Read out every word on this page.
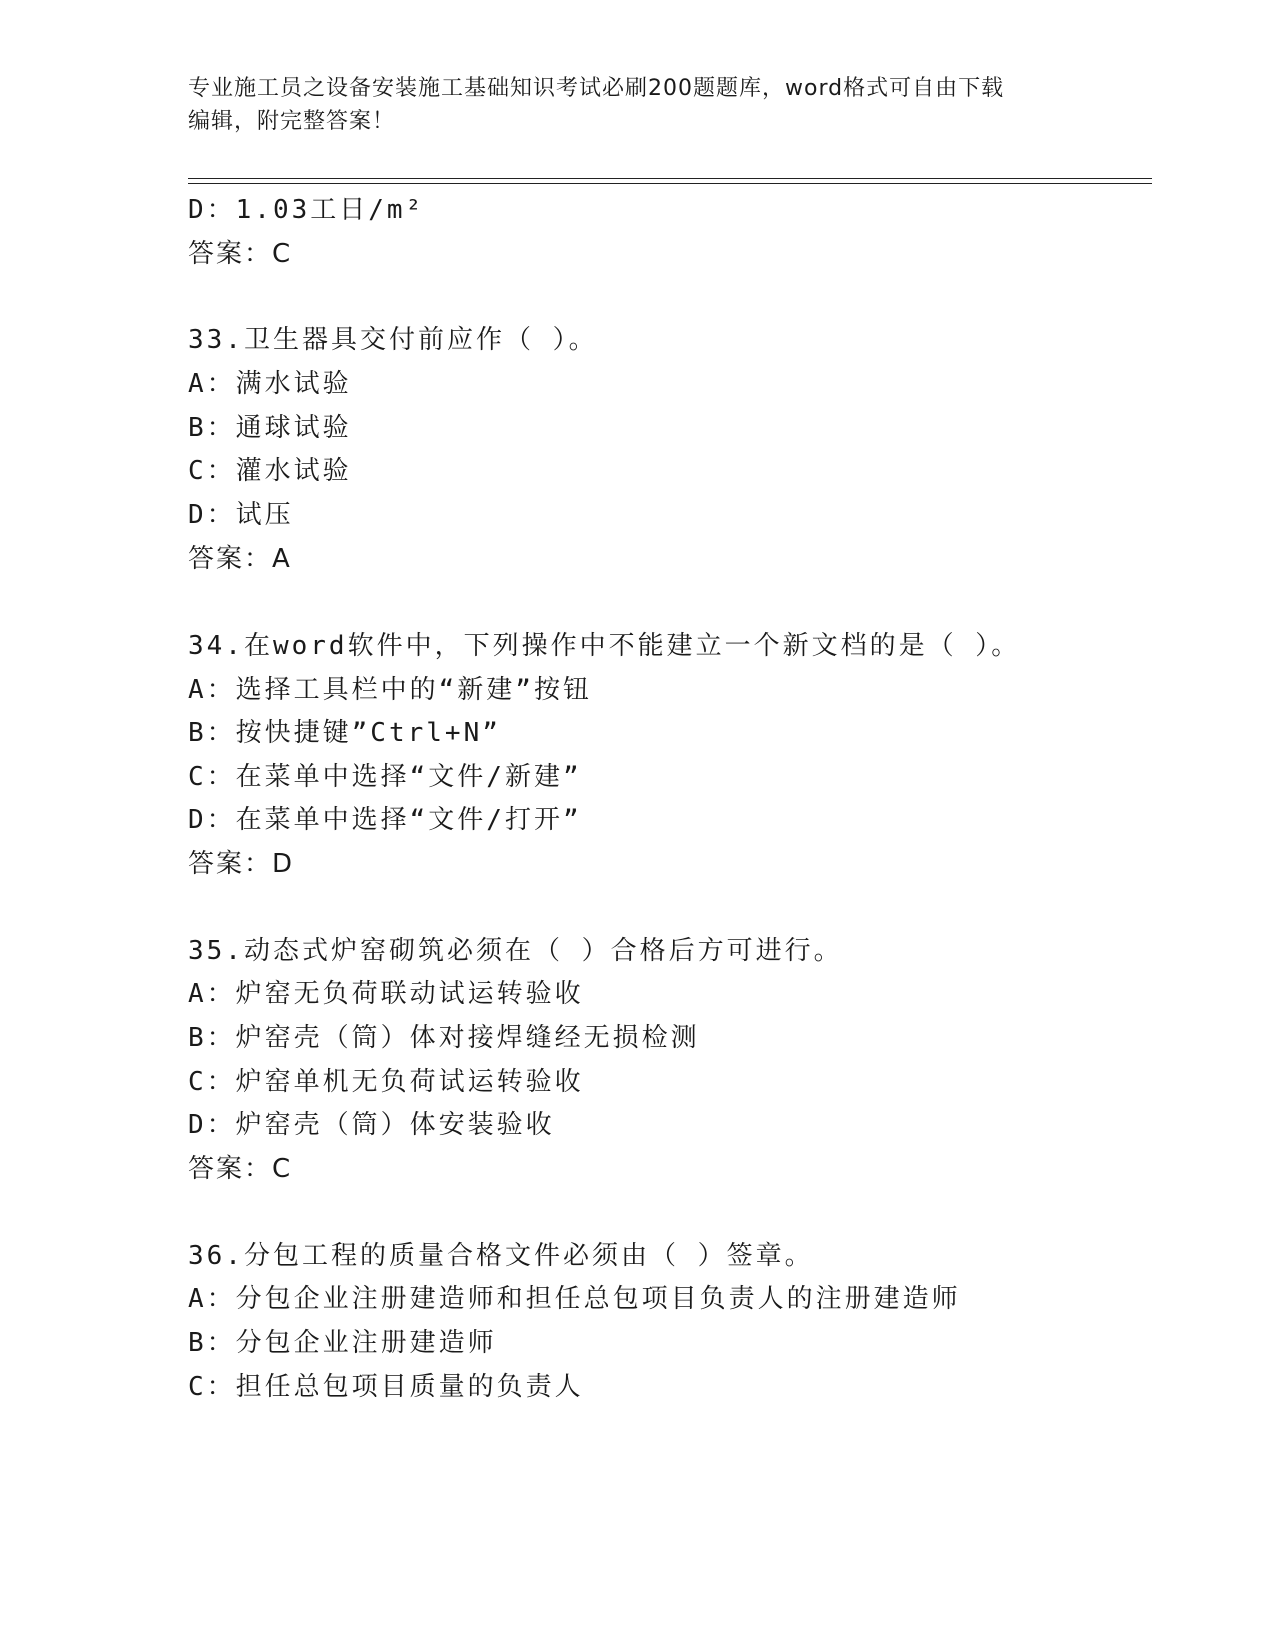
专业施工员之设备安装施工基础知识考试必刷200题题库，word格式可自由下载
编辑，附完整答案！
D：1.03工日/m²
答案：C
33.卫生器具交付前应作（ ）。
A：满水试验
B：通球试验
C：灌水试验
D：试压
答案：A
34.在word软件中，下列操作中不能建立一个新文档的是（ ）。
A：选择工具栏中的“新建”按钮
B：按快捷键”Ctrl+N”
C：在菜单中选择“文件/新建”
D：在菜单中选择“文件/打开”
答案：D
35.动态式炉窑砌筑必须在（ ）合格后方可进行。
A：炉窑无负荷联动试运转验收
B：炉窑壳（筒）体对接焊缝经无损检测
C：炉窑单机无负荷试运转验收
D：炉窑壳（筒）体安装验收
答案：C
36.分包工程的质量合格文件必须由（ ）签章。
A：分包企业注册建造师和担任总包项目负责人的注册建造师
B：分包企业注册建造师
C：担任总包项目质量的负责人
